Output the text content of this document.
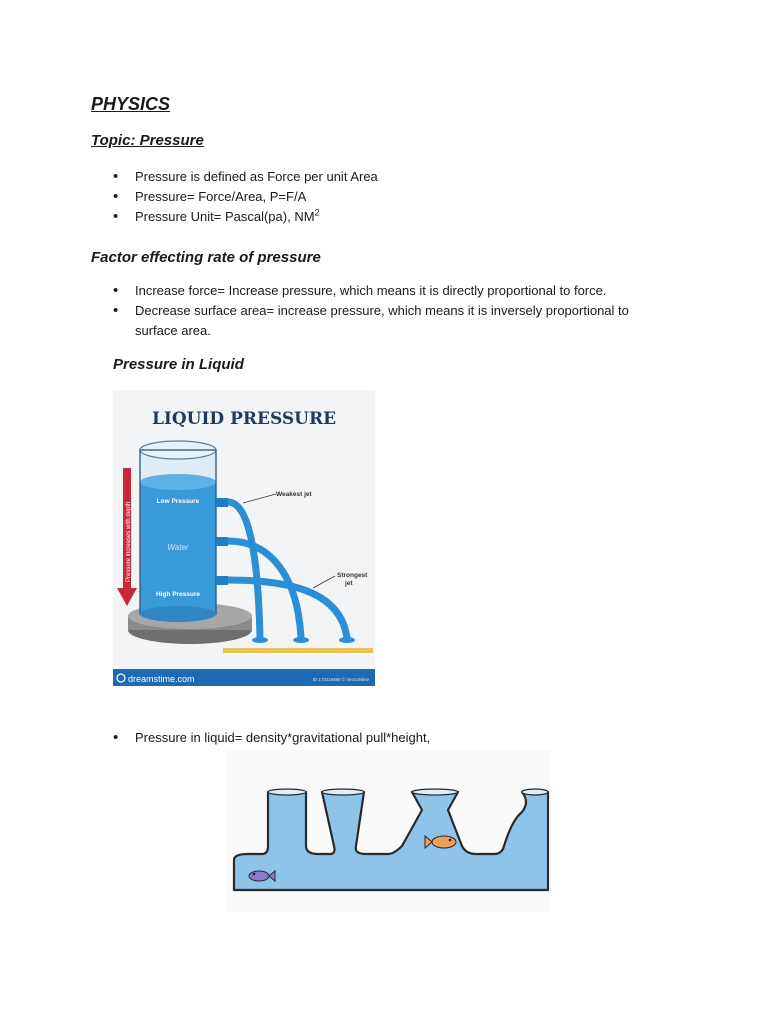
PHYSICS
Topic: Pressure
• Pressure is defined as Force per unit Area
• Pressure= Force/Area, P=F/A
• Pressure Unit= Pascal(pa), $NM^2$
Factor effecting rate of pressure
• Increase force= Increase pressure, which means it is directly proportional to force.
• Decrease surface area= increase pressure, which means it is inversely proportional to surface area.
Pressure in Liquid
LIQUID PRESSURE
Pressure increases with depth
Low Pressure
Water
High Pressure
Weakest jet
Strongest
jet
dreamstime.com	ID 173116898 © VectorMine
• Pressure in liquid= density*gravitational pull*height,
